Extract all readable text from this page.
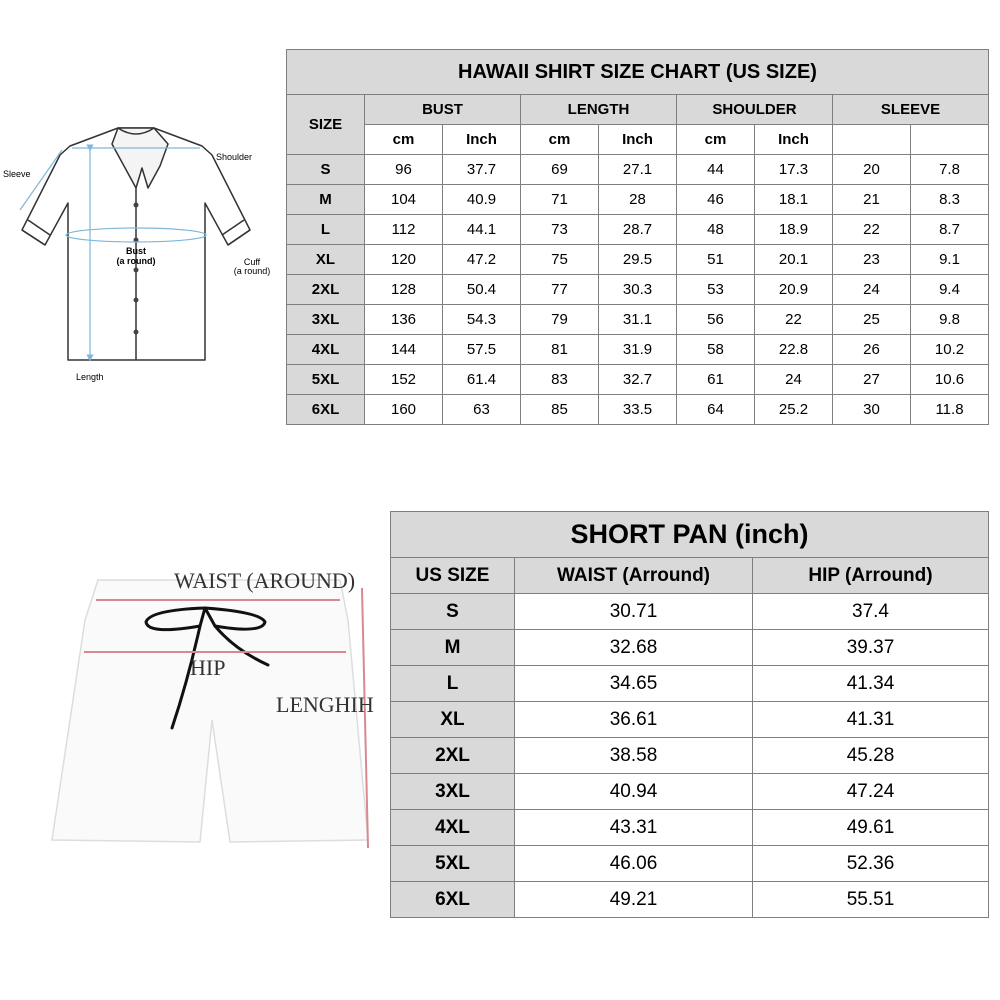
Sleeve
Shoulder
Bust
(a round)	Cuff
(a round)
Length
HAWAII SHIRT SIZE CHART (US SIZE)								
SIZE	BUST		LENGTH		SHOULDER		SLEEVE	
	cm	Inch	cm	Inch	cm	Inch		
S	96	37.7	69	27.1	44	17.3	20	7.8
M	104	40.9	71	28	46	18.1	21	8.3
L	112	44.1	73	28.7	48	18.9	22	8.7
XL	120	47.2	75	29.5	51	20.1	23	9.1
2XL	128	50.4	77	30.3	53	20.9	24	9.4
3XL	136	54.3	79	31.1	56	22	25	9.8
4XL	144	57.5	81	31.9	58	22.8	26	10.2
5XL	152	61.4	83	32.7	61	24	27	10.6
6XL	160	63	85	33.5	64	25.2	30	11.8
WAIST (AROUND)
HIP
LENGHIH
SHORT PAN (inch)		
US SIZE	WAIST (Arround)	HIP (Arround)
S	30.71	37.4
M	32.68	39.37
L	34.65	41.34
XL	36.61	41.31
2XL	38.58	45.28
3XL	40.94	47.24
4XL	43.31	49.61
5XL	46.06	52.36
6XL	49.21	55.51
